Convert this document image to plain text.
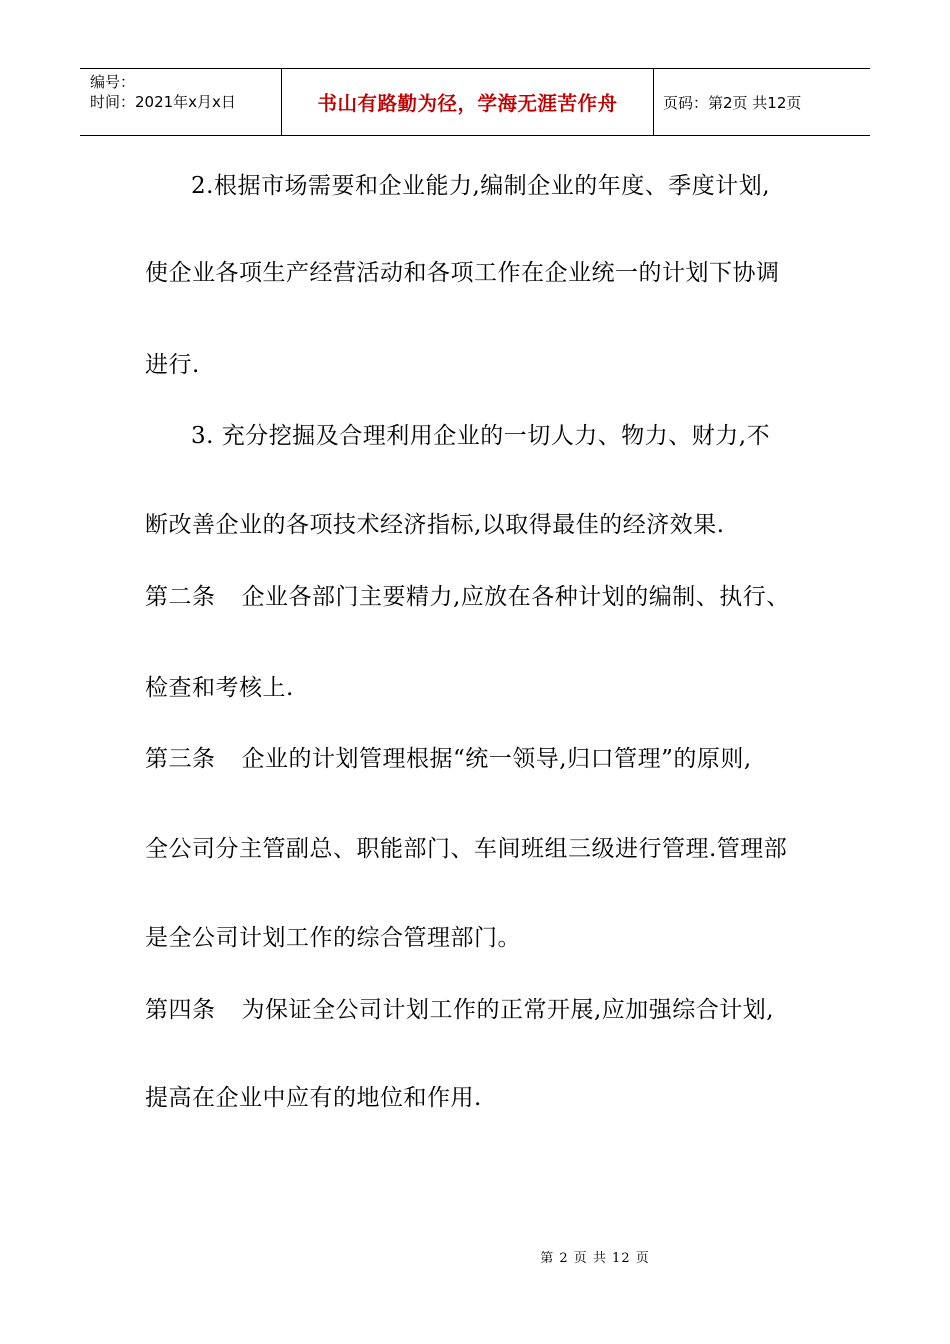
编号：
时间：2021年x月x日	书山有路勤为径，学海无涯苦作舟	页码：第2页 共12页
2.根据市场需要和企业能力,编制企业的年度、季度计划,
使企业各项生产经营活动和各项工作在企业统一的计划下协调
进行.
3. 充分挖掘及合理利用企业的一切人力、物力、财力,不
断改善企业的各项技术经济指标,以取得最佳的经济效果.
第二条 企业各部门主要精力,应放在各种计划的编制、执行、
检查和考核上.
第三条 企业的计划管理根据“统一领导,归口管理”的原则,
全公司分主管副总、职能部门、车间班组三级进行管理.管理部
是全公司计划工作的综合管理部门。
第四条 为保证全公司计划工作的正常开展,应加强综合计划,
提高在企业中应有的地位和作用.
第 2 页 共 12 页
